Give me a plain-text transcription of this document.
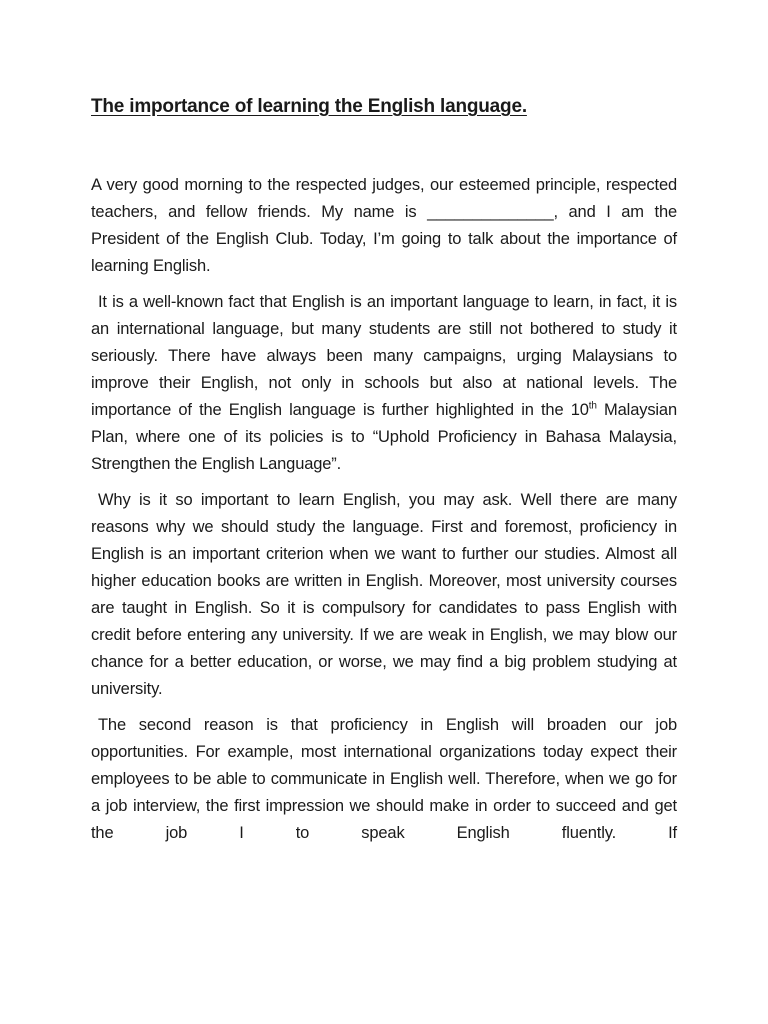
The importance of learning the English language.

A very good morning to the respected judges, our esteemed principle, respected teachers, and fellow friends. My name is ______________, and I am the President of the English Club. Today, I’m going to talk about the importance of learning English.

It is a well-known fact that English is an important language to learn, in fact, it is an international language, but many students are still not bothered to study it seriously. There have always been many campaigns, urging Malaysians to improve their English, not only in schools but also at national levels. The importance of the English language is further highlighted in the 10th Malaysian Plan, where one of its policies is to “Uphold Proficiency in Bahasa Malaysia, Strengthen the English Language”.

Why is it so important to learn English, you may ask. Well there are many reasons why we should study the language. First and foremost, proficiency in English is an important criterion when we want to further our studies. Almost all higher education books are written in English. Moreover, most university courses are taught in English. So it is compulsory for candidates to pass English with credit before entering any university. If we are weak in English, we may blow our chance for a better education, or worse, we may find a big problem studying at university.

The second reason is that proficiency in English will broaden our job opportunities. For example, most international organizations today expect their employees to be able to communicate in English well. Therefore, when we go for a job interview, the first impression we should make in order to succeed and get the job I to speak English fluently. If
